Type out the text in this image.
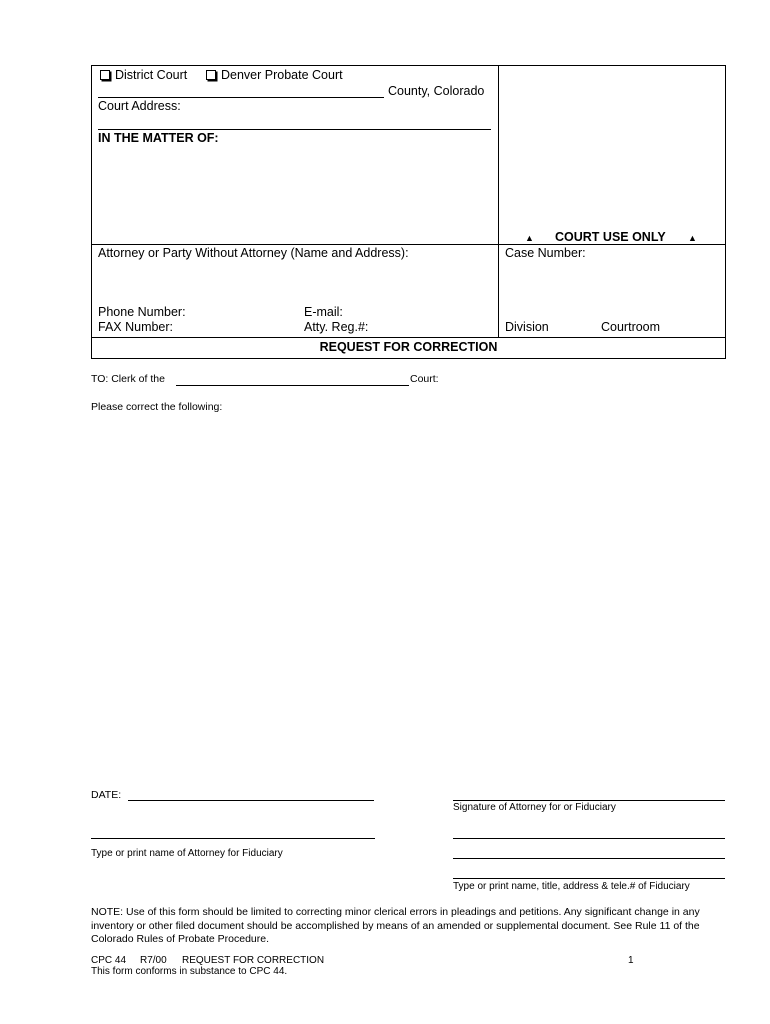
District Court	Denver Probate Court
County, Colorado
Court Address:
IN THE MATTER OF:
▲ COURT USE ONLY ▲
Attorney or Party Without Attorney (Name and Address):
Phone Number:	E-mail:
FAX Number:	Atty. Reg.#:
Case Number:
Division	Courtroom
REQUEST FOR CORRECTION
TO: Clerk of the	Court:
Please correct the following:
DATE:
Signature of Attorney for or Fiduciary
Type or print name of Attorney for Fiduciary
Type or print name, title, address & tele.# of Fiduciary
NOTE: Use of this form should be limited to correcting minor clerical errors in pleadings and petitions. Any significant change in any inventory or other filed document should be accomplished by means of an amended or supplemental document. See Rule 11 of the Colorado Rules of Probate Procedure.
CPC 44 R7/00 REQUEST FOR CORRECTION	1
This form conforms in substance to CPC 44.
